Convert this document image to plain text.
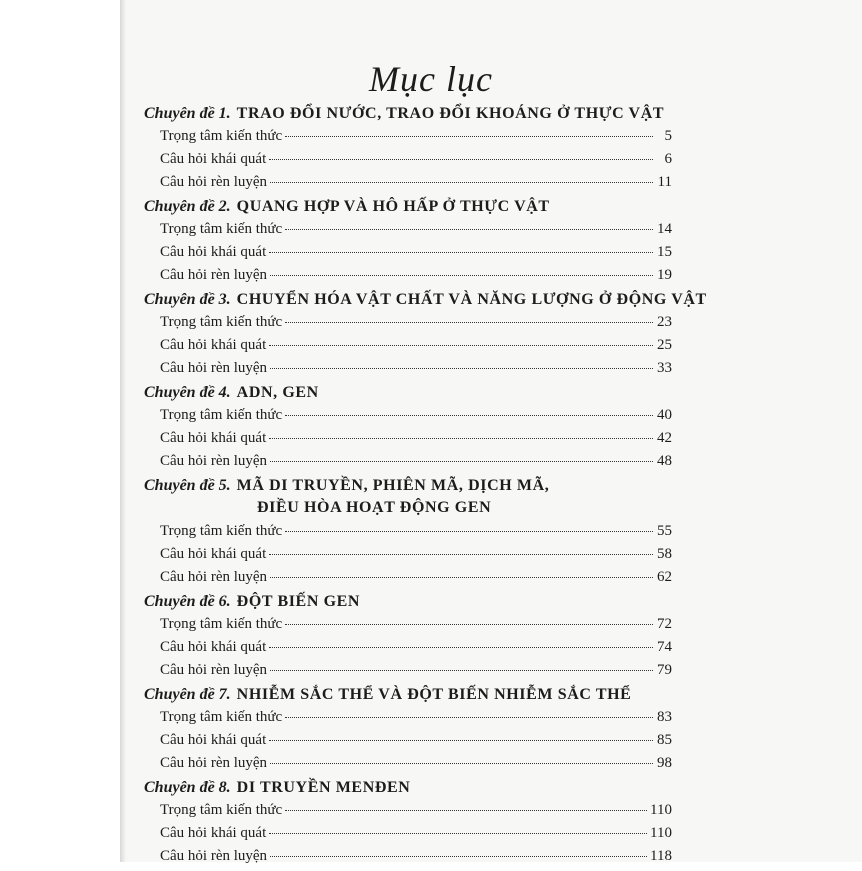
Mục lục
Chuyên đề 1. TRAO ĐỔI NƯỚC, TRAO ĐỔI KHOÁNG Ở THỰC VẬT
Trọng tâm kiến thức	5
Câu hỏi khái quát	6
Câu hỏi rèn luyện	11
Chuyên đề 2. QUANG HỢP VÀ HÔ HẤP Ở THỰC VẬT
Trọng tâm kiến thức	14
Câu hỏi khái quát	15
Câu hỏi rèn luyện	19
Chuyên đề 3. CHUYỂN HÓA VẬT CHẤT VÀ NĂNG LƯỢNG Ở ĐỘNG VẬT
Trọng tâm kiến thức	23
Câu hỏi khái quát	25
Câu hỏi rèn luyện	33
Chuyên đề 4. ADN, GEN
Trọng tâm kiến thức	40
Câu hỏi khái quát	42
Câu hỏi rèn luyện	48
Chuyên đề 5. MÃ DI TRUYỀN, PHIÊN MÃ, DỊCH MÃ,
ĐIỀU HÒA HOẠT ĐỘNG GEN
Trọng tâm kiến thức	55
Câu hỏi khái quát	58
Câu hỏi rèn luyện	62
Chuyên đề 6. ĐỘT BIẾN GEN
Trọng tâm kiến thức	72
Câu hỏi khái quát	74
Câu hỏi rèn luyện	79
Chuyên đề 7. NHIỄM SẮC THỂ VÀ ĐỘT BIẾN NHIỄM SẮC THỂ
Trọng tâm kiến thức	83
Câu hỏi khái quát	85
Câu hỏi rèn luyện	98
Chuyên đề 8. DI TRUYỀN MENĐEN
Trọng tâm kiến thức	110
Câu hỏi khái quát	110
Câu hỏi rèn luyện	118
